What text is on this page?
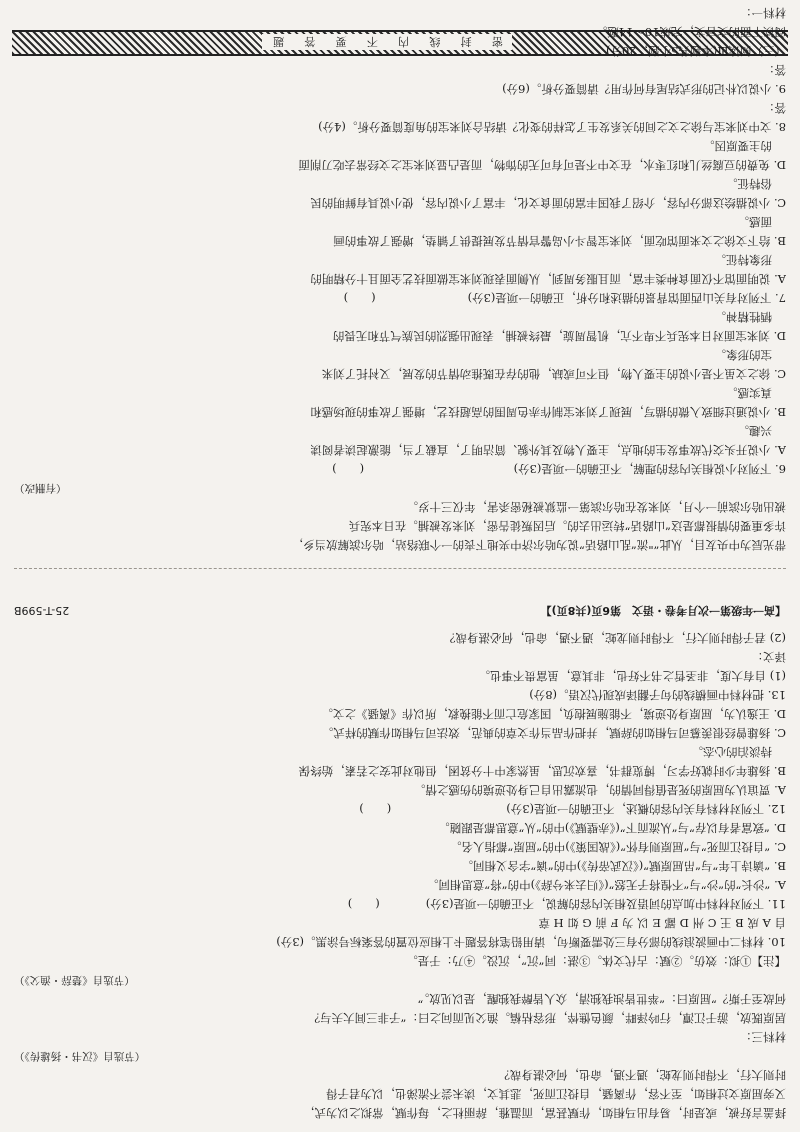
密
封
线
内
不
要
答
题

带光辰为中央友目，从此“"流“乱山路话”说为哈尔济中夹地下丧的一个联络站，哈尔滨解放当乡，

许多重要的情报都是这“山路话”转运出去的。后因叛徒告密，刘来发被捕。在日本宪兵

被出哈尔滨前一个月，刘来发在哈尔滨第一监狱被秘密杀害，年仅三十岁。

（有删改）

6. 下列对小说相关内容的理解，不正确的一项是(3分)　　　　　　　　　　　　　(　　)

A. 小说开头交代故事发生的地点，主要人物及其外貌、简洁明了，直截了当，能激起读者阅读

兴趣。

B. 小说通过细致入微的描写，展现了刘来宝制作赤色周围的高超技艺，增强了故事的现场感和

真实感。

C. 徐之文虽不是小说的主要人物，但不可或缺，他的存在既推动情节的发展，又衬托了刘来

宝的形象。

D. 刘来宝面对日本宪兵不卑不亢，机智周旋，最终被捕，表现出强烈的民族气节和无畏的

牺牲精神。

7. 下列对有关山西面馆背景的描述和分析，正确的一项是(3分)　　　　　　　　(　　)

A. 说明面馆不仅面食种类丰富，而且服务周到，从侧面表现刘来宝做面技艺全面且十分精明的

形象特征。

B. 给下文徐之文来面馆吃面，刘来宝智斗小岛警官情节发展提供了铺垫，增强了故事的画

面感。

C. 小说描绘这部分内容，介绍了我国丰富的面食文化，丰富了小说内容，使小说具有鲜明的民

俗特征。

D. 免费的豆腐丝儿和红枣水，在文中不是可有可无的饰物，而是凸显刘来宝之文经常去吃刀削面

的主要原因。

8. 文中刘来宝与徐之文之间的关系发生了怎样的变化？请结合刘来宝的角度简要分析。(4分)

答：

9. 小说以朴记的形式结尾有何作用？请简要分析。(6分)

答：

（三）阅读Ⅲ(本题共5小题，20分)

阅读下面的文言文，完成10～14题。

材料一：

择盖言好被，或是时，易有出马相如，作赋甚富，而温雅，辞丽杜之，每作赋，常拟之以为式，

又旁屈原文过相如，至不容，作离骚，自投江而死，悲其文，读未尝不流涕也，以为君子得

时则大行，不得时则龙蛇，遇不遇，命也，何必湛身哉？

（节选自《汉书・扬雄传》）

材料三：

居原既放，游于江潭，行吟泽畔，颜色憔悴，形容枯槁。渔父见而问之曰：“子非三闾大夫与？

何故至于斯？”屈原曰：“举世皆浊我独清，众人皆醉我独醒，是以见放。”

（节选自《楚辞・渔父》）

【注】①拟：效仿。②赋：古代文体。③湛：同“沉”，沉没。④乃：于是。

10. 材料二中画波浪线的部分有三处需要断句，请用铅笔将答题卡上相应位置的答案标号涂黑。(3分)

自 A 成 B 王 C 州 D 鄙 E 以 为 F 前 G 如 H 章

11. 下列对材料中加点的词语及相关内容的解说，不正确的一项是(3分)　　　　(　　)

A. “沙长”的“沙”与“不惶将子无怒”(《归去来兮辞》)中的“将”意思相同。

B. “谪诗上年”与“吊屈原赋”(《汉武帝传》)中的“谪”字含义相同。

C. “自投江而死”与“屈原则有怀”(《战国策》)中的“屈原”都指人名。

D. “致富者有以存”与“从流而下”(《赤壁赋》)中的“从”意思都是跟随。

12. 下列对材料有关内容的概述，不正确的一项是(3分)　　　　　　　　　　(　　)

A. 贾谊认为屈原的死是值得同情的，也流露出自己身处逆境的伤感之情。

B. 扬雄年少时就好学习，博览群书，喜欢沉思，虽然家中十分贫困，但他对此安之若素，始终保

持淡泊的心态。

C. 扬雄曾经很羡慕司马相如的辞赋，并把作品当作文章的典范，效法司马相如作赋的样式。

D. 王逸认为，屈原身处逆境，不能施展抱负，国家危亡而不能挽救，所以作《离骚》之文。

13. 把材料中画横线的句子翻译成现代汉语。(8分)

(1) 自有大度，非圣哲之书不好也，非其意，虽富贵不事也。

译文：

(2) 君子得时则大行，不得时则龙蛇，遇不遇，命也，何必湛身哉？

【高一年级第一次月考卷・语文　第6页(共8页)】
25-T-599B
